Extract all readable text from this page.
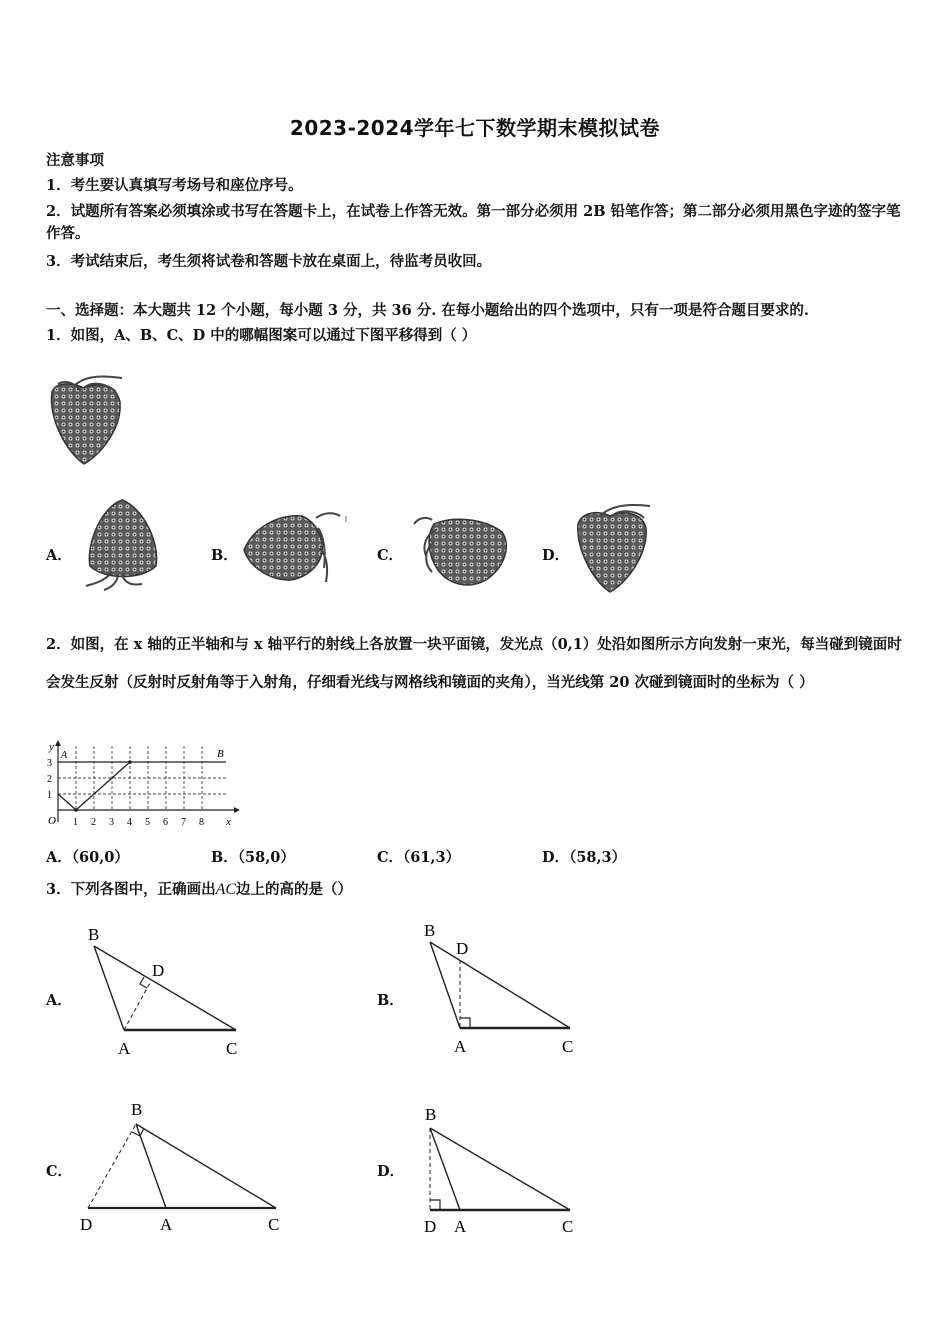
2023-2024学年七下数学期末模拟试卷
注意事项
1．考生要认真填写考场号和座位序号。
2．试题所有答案必须填涂或书写在答题卡上，在试卷上作答无效。第一部分必须用 2B 铅笔作答；第二部分必须用黑色字迹的签字笔作答。
3．考试结束后，考生须将试卷和答题卡放在桌面上，待监考员收回。
一、选择题：本大题共 12 个小题，每小题 3 分，共 36 分. 在每小题给出的四个选项中，只有一项是符合题目要求的.
1．如图，A、B、C、D 中的哪幅图案可以通过下图平移得到（ ）
A．	B．	C．	D．
2．如图，在 x 轴的正半轴和与 x 轴平行的射线上各放置一块平面镜，发光点（0,1）处沿如图所示方向发射一束光，每当碰到镜面时会发生反射（反射时反射角等于入射角，仔细看光线与网格线和镜面的夹角），当光线第 20 次碰到镜面时的坐标为（ ）
y
A	B
3
2
1
O 1 2 3 4 5 6 7 8 x
A．（60,0）	B．（58,0）	C．（61,3）	D．（58,3）
3．下列各图中，正确画出AC边上的高的是（）
A．
B
D
A	C
B．
B
D
A	C
C．
B
D	A	C
D．
B
D A	C
